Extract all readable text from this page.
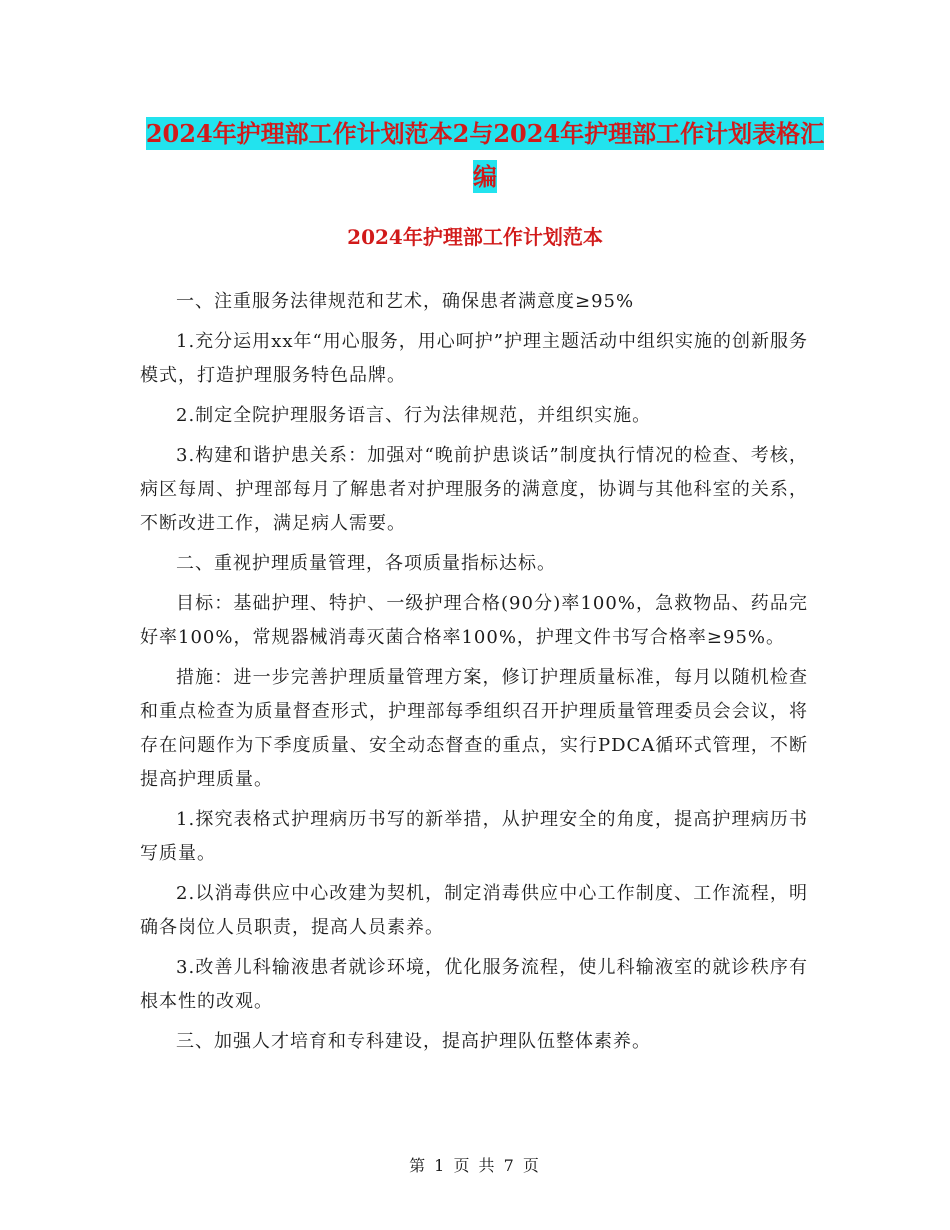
2024年护理部工作计划范本2与2024年护理部工作计划表格汇编
2024年护理部工作计划范本

一、注重服务法律规范和艺术，确保患者满意度≥95%

1.充分运用xx年“用心服务，用心呵护”护理主题活动中组织实施的创新服务模式，打造护理服务特色品牌。

2.制定全院护理服务语言、行为法律规范，并组织实施。

3.构建和谐护患关系：加强对“晚前护患谈话”制度执行情况的检查、考核，病区每周、护理部每月了解患者对护理服务的满意度，协调与其他科室的关系，不断改进工作，满足病人需要。

二、重视护理质量管理，各项质量指标达标。

目标：基础护理、特护、一级护理合格(90分)率100%，急救物品、药品完好率100%，常规器械消毒灭菌合格率100%，护理文件书写合格率≥95%。

措施：进一步完善护理质量管理方案，修订护理质量标准，每月以随机检查和重点检查为质量督查形式，护理部每季组织召开护理质量管理委员会会议，将存在问题作为下季度质量、安全动态督查的重点，实行PDCA循环式管理，不断提高护理质量。

1.探究表格式护理病历书写的新举措，从护理安全的角度，提高护理病历书写质量。

2.以消毒供应中心改建为契机，制定消毒供应中心工作制度、工作流程，明确各岗位人员职责，提高人员素养。

3.改善儿科输液患者就诊环境，优化服务流程，使儿科输液室的就诊秩序有根本性的改观。

三、加强人才培育和专科建设，提高护理队伍整体素养。

第 1 页 共 7 页
